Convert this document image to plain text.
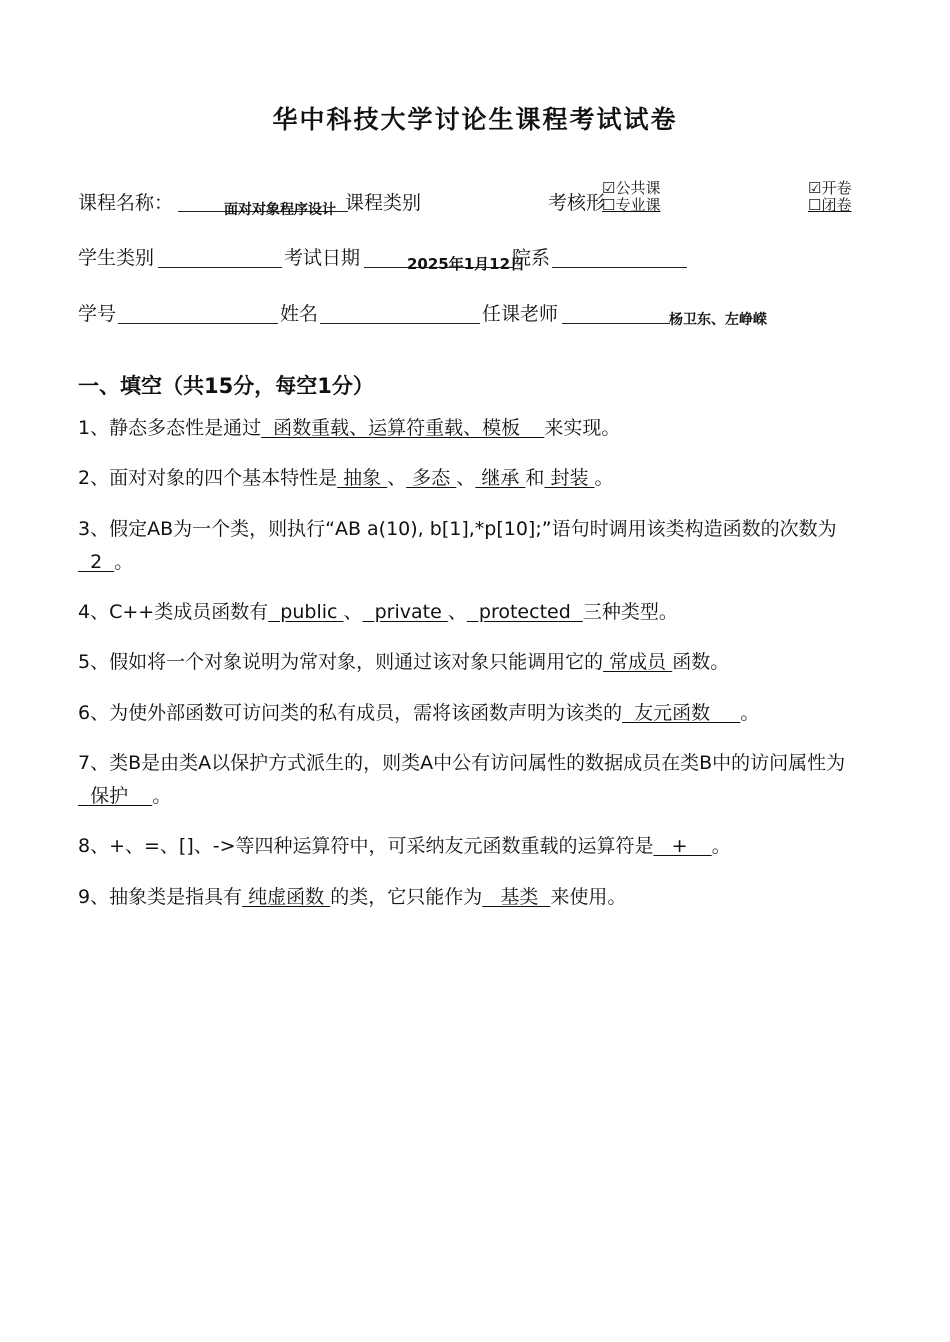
华中科技大学讨论生课程考试试卷
课程名称：	面对对象程序设计 课程类别	考核形
☑公共课
☐专业课
☑开卷
☐闭卷
学生类别	考试日期	2025年1月12日
院系
学号	姓名	任课老师	杨卫东、左峥嵘
一、填空（共15分，每空1分）
1、静态多态性是通过  函数重载、运算符重载、模板    来实现。
2、面对对象的四个基本特性是 抽象 、 多态 、 继承 和 封装 。
3、假定AB为一个类，则执行“AB a(10), b[1],*p[10];”语句时调用该类构造函数的次数为  2  。
4、C++类成员函数有  public 、  private 、  protected  三种类型。
5、假如将一个对象说明为常对象，则通过该对象只能调用它的 常成员 函数。
6、为使外部函数可访问类的私有成员，需将该函数声明为该类的  友元函数     。
7、类B是由类A以保护方式派生的，则类A中公有访问属性的数据成员在类B中的访问属性为  保护    。
8、+、=、[]、->等四种运算符中，可采纳友元函数重载的运算符是   +    。
9、抽象类是指具有 纯虚函数 的类，它只能作为   基类  来使用。
